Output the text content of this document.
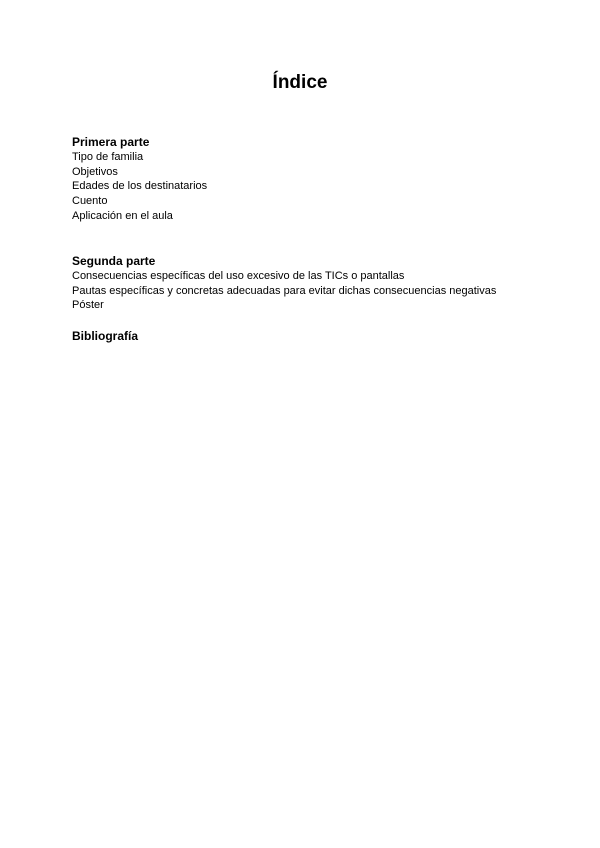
Índice
Primera parte
Tipo de familia
Objetivos
Edades de los destinatarios
Cuento
Aplicación en el aula
Segunda parte
Consecuencias específicas del uso excesivo de las TICs o pantallas
Pautas específicas y concretas adecuadas para evitar dichas consecuencias negativas
Póster
Bibliografía
